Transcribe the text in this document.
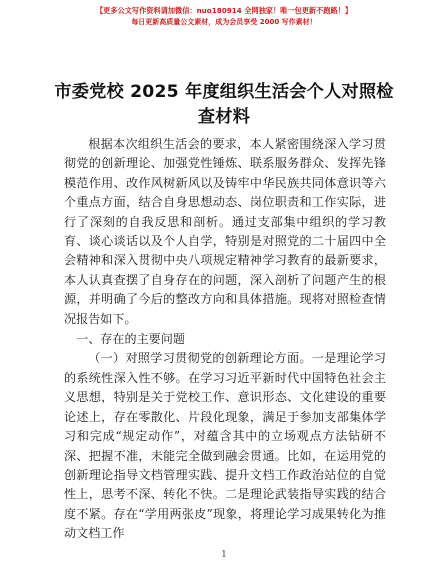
【更多公文写作资料请加微信：nuo180914 全网独家！唯一包更新不跑路！】
每日更新高质量公文素材，成为会员享受 2000 写作素材！
市委党校 2025 年度组织生活会个人对照检查材料

根据本次组织生活会的要求，本人紧密围绕深入学习贯彻党的创新理论、加强党性锤炼、联系服务群众、发挥先锋模范作用、改作风树新风以及铸牢中华民族共同体意识等六个重点方面，结合自身思想动态、岗位职责和工作实际，进行了深刻的自我反思和剖析。通过支部集中组织的学习教育、谈心谈话以及个人自学，特别是对照党的二十届四中全会精神和深入贯彻中央八项规定精神学习教育的最新要求，本人认真查摆了自身存在的问题，深入剖析了问题产生的根源，并明确了今后的整改方向和具体措施。现将对照检查情况报告如下。

一、存在的主要问题

（一）对照学习贯彻党的创新理论方面。一是理论学习的系统性深入性不够。在学习习近平新时代中国特色社会主义思想，特别是关于党校工作、意识形态、文化建设的重要论述上，存在零散化、片段化现象，满足于参加支部集体学习和完成“规定动作”，对蕴含其中的立场观点方法钻研不深、把握不准，未能完全做到融会贯通。比如，在运用党的创新理论指导文档管理实践、提升文档工作政治站位的自觉性上，思考不深、转化不快。二是理论武装指导实践的结合度不紧。存在“学用两张皮”现象，将理论学习成果转化为推动文档工作

1
